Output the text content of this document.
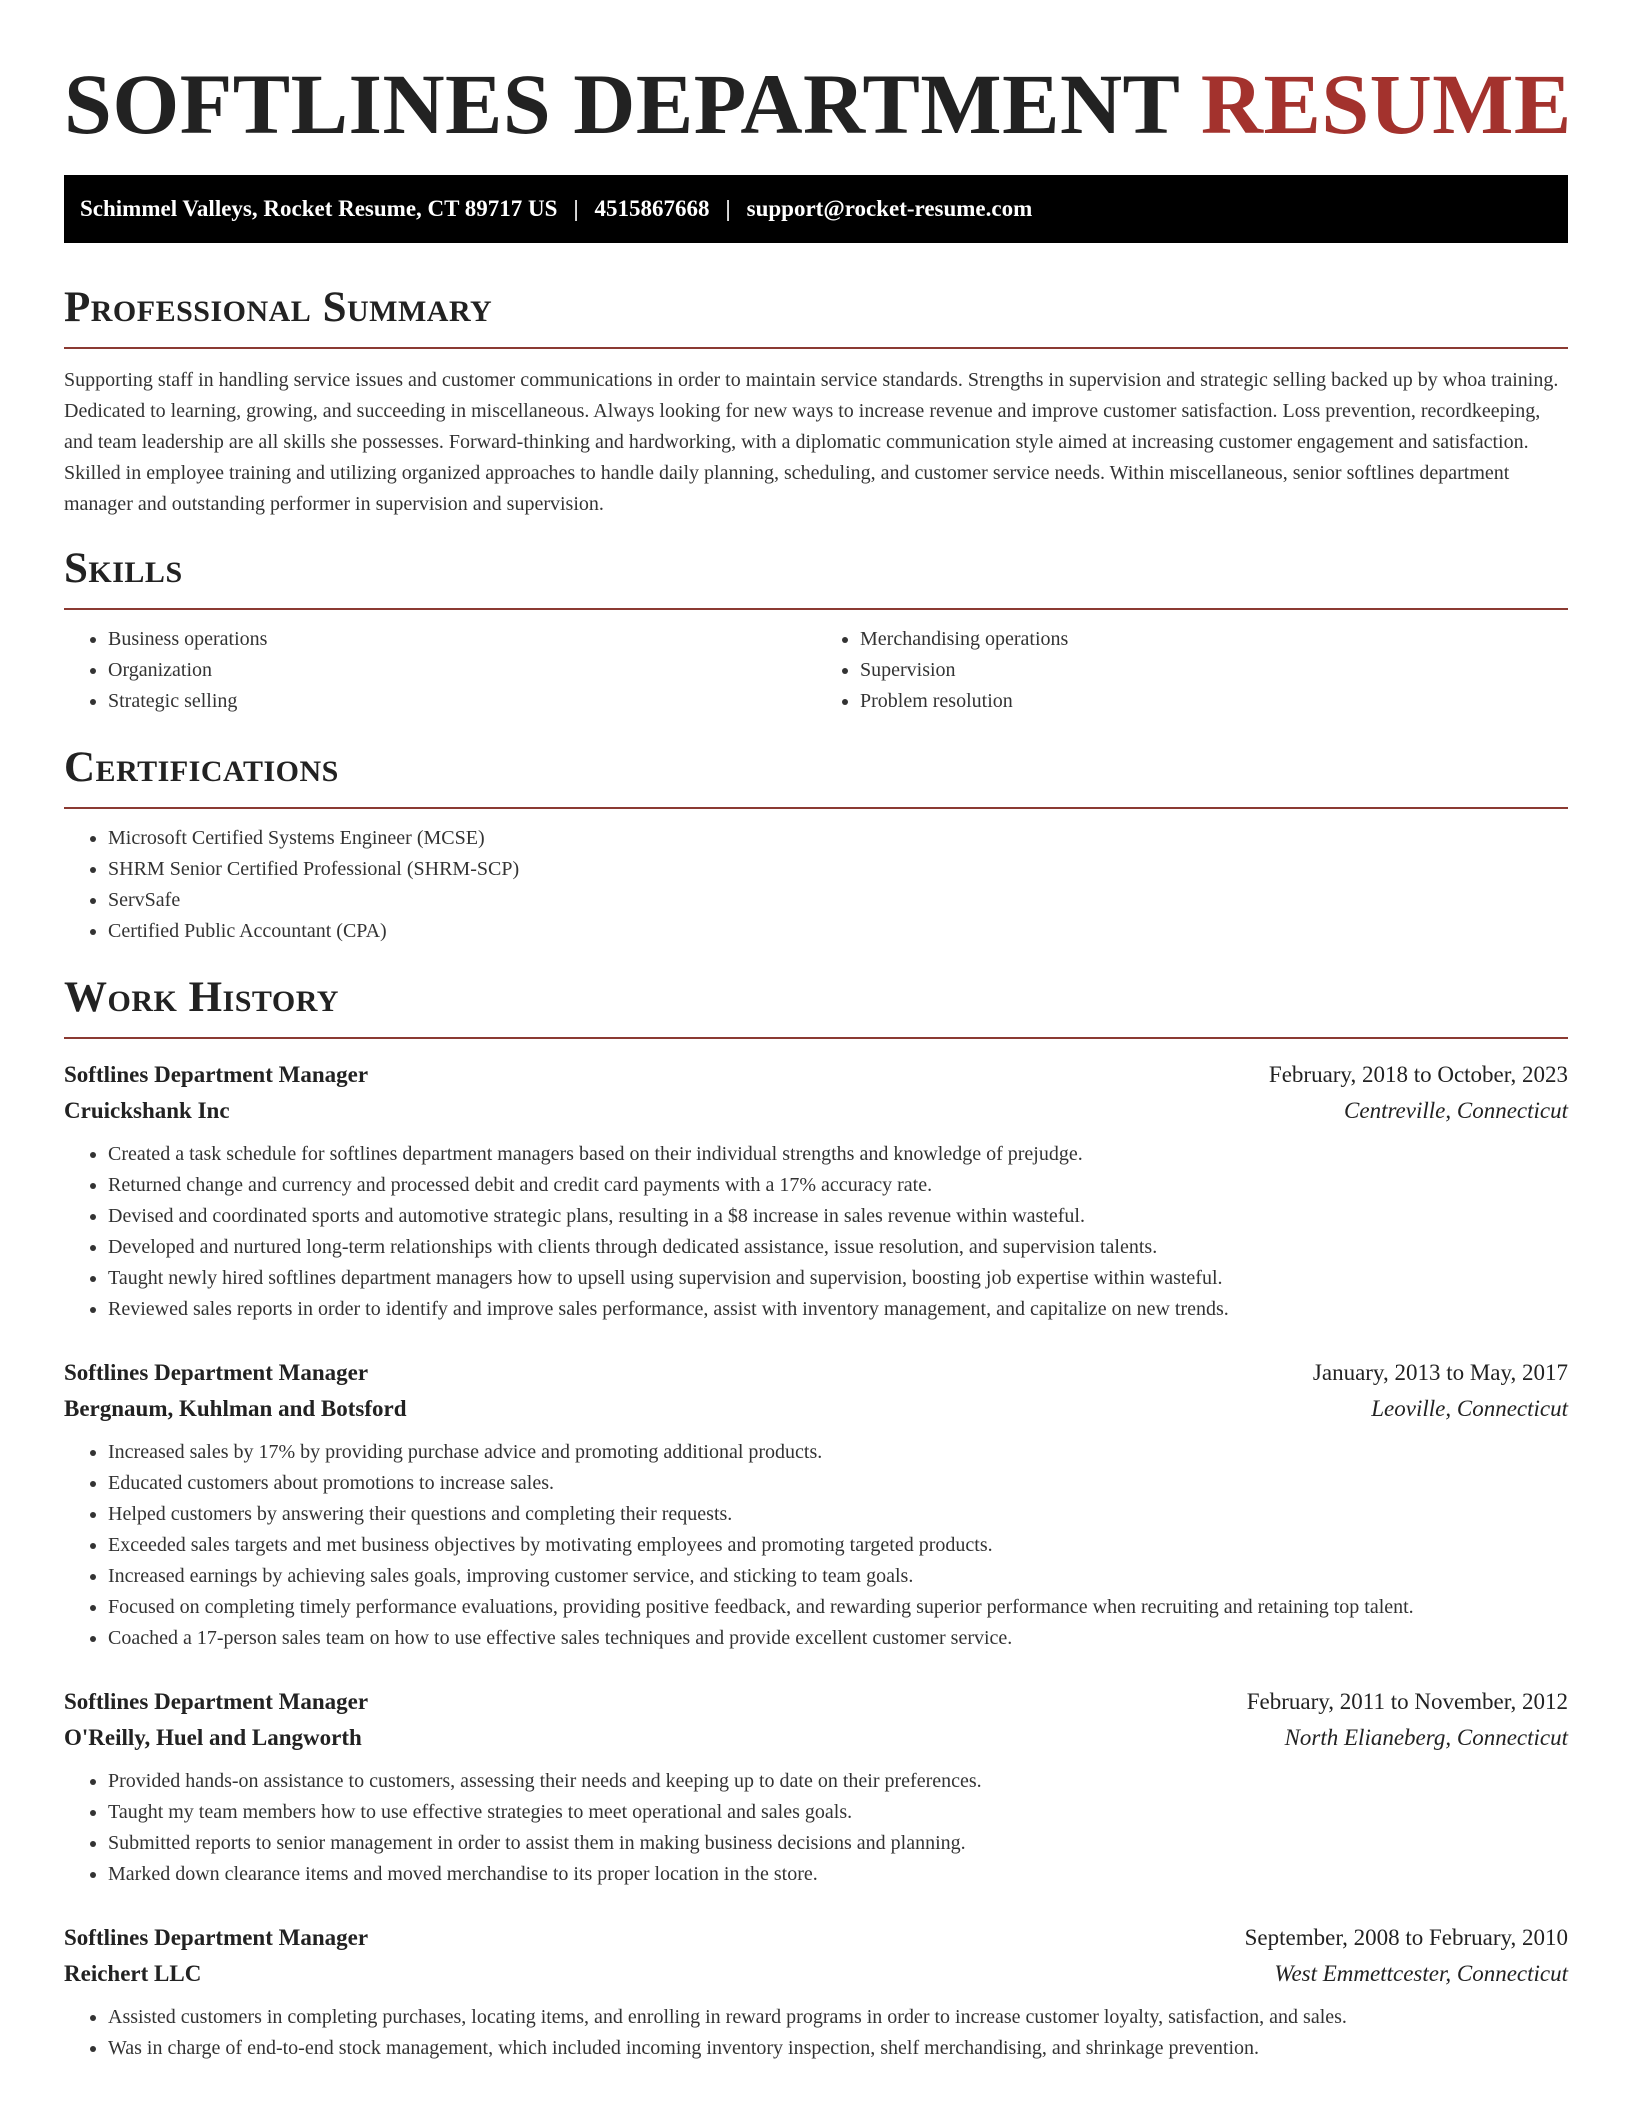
SOFTLINES DEPARTMENT RESUME
Schimmel Valleys, Rocket Resume, CT 89717 US | 4515867668 | support@rocket-resume.com
Professional Summary

Supporting staff in handling service issues and customer communications in order to maintain service standards. Strengths in supervision and strategic selling backed up by whoa training. Dedicated to learning, growing, and succeeding in miscellaneous. Always looking for new ways to increase revenue and improve customer satisfaction. Loss prevention, recordkeeping, and team leadership are all skills she possesses. Forward-thinking and hardworking, with a diplomatic communication style aimed at increasing customer engagement and satisfaction. Skilled in employee training and utilizing organized approaches to handle daily planning, scheduling, and customer service needs. Within miscellaneous, senior softlines department manager and outstanding performer in supervision and supervision.

Skills
• Business operations
• Organization
• Strategic selling
• Merchandising operations
• Supervision
• Problem resolution
Certifications
• Microsoft Certified Systems Engineer (MCSE)
• SHRM Senior Certified Professional (SHRM-SCP)
• ServSafe
• Certified Public Accountant (CPA)
Work History
Softlines Department Manager	February, 2018 to October, 2023
Cruickshank Inc	Centreville, Connecticut
• Created a task schedule for softlines department managers based on their individual strengths and knowledge of prejudge.
• Returned change and currency and processed debit and credit card payments with a 17% accuracy rate.
• Devised and coordinated sports and automotive strategic plans, resulting in a $8 increase in sales revenue within wasteful.
• Developed and nurtured long-term relationships with clients through dedicated assistance, issue resolution, and supervision talents.
• Taught newly hired softlines department managers how to upsell using supervision and supervision, boosting job expertise within wasteful.
• Reviewed sales reports in order to identify and improve sales performance, assist with inventory management, and capitalize on new trends.
Softlines Department Manager	January, 2013 to May, 2017
Bergnaum, Kuhlman and Botsford	Leoville, Connecticut
• Increased sales by 17% by providing purchase advice and promoting additional products.
• Educated customers about promotions to increase sales.
• Helped customers by answering their questions and completing their requests.
• Exceeded sales targets and met business objectives by motivating employees and promoting targeted products.
• Increased earnings by achieving sales goals, improving customer service, and sticking to team goals.
• Focused on completing timely performance evaluations, providing positive feedback, and rewarding superior performance when recruiting and retaining top talent.
• Coached a 17-person sales team on how to use effective sales techniques and provide excellent customer service.
Softlines Department Manager	February, 2011 to November, 2012
O'Reilly, Huel and Langworth	North Elianeberg, Connecticut
• Provided hands-on assistance to customers, assessing their needs and keeping up to date on their preferences.
• Taught my team members how to use effective strategies to meet operational and sales goals.
• Submitted reports to senior management in order to assist them in making business decisions and planning.
• Marked down clearance items and moved merchandise to its proper location in the store.
Softlines Department Manager	September, 2008 to February, 2010
Reichert LLC	West Emmettcester, Connecticut
• Assisted customers in completing purchases, locating items, and enrolling in reward programs in order to increase customer loyalty, satisfaction, and sales.
• Was in charge of end-to-end stock management, which included incoming inventory inspection, shelf merchandising, and shrinkage prevention.
